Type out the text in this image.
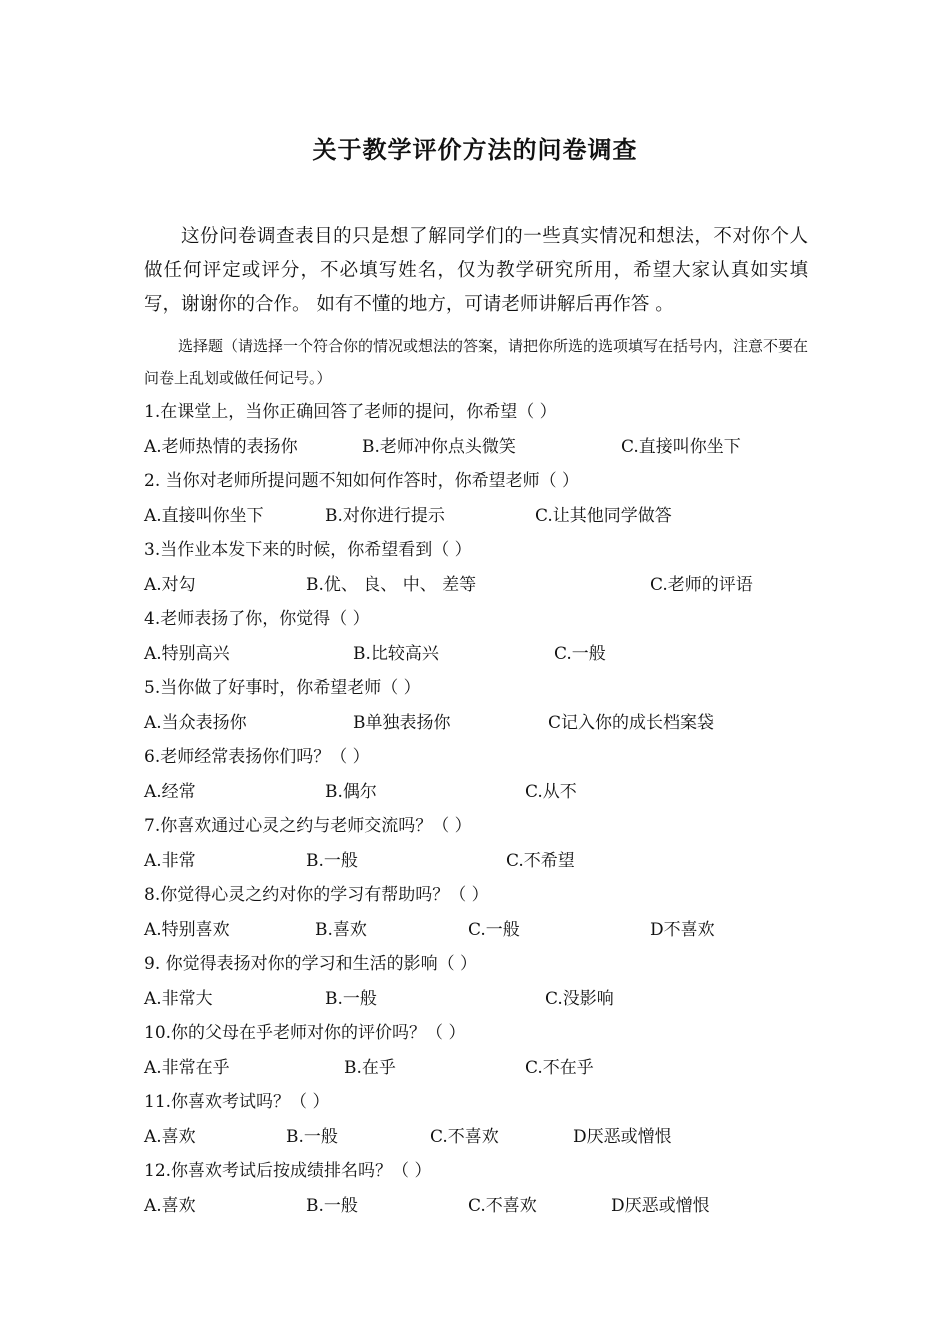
关于教学评价方法的问卷调查

这份问卷调查表目的只是想了解同学们的一些真实情况和想法，不对你个人做任何评定或评分，不必填写姓名，仅为教学研究所用，希望大家认真如实填写，谢谢你的合作。 如有不懂的地方，可请老师讲解后再作答 。

选择题（请选择一个符合你的情况或想法的答案，请把你所选的选项填写在括号内，注意不要在问卷上乱划或做任何记号。）

1.在课堂上，当你正确回答了老师的提问，你希望（ ）
A.老师热情的表扬你	B.老师冲你点头微笑	C.直接叫你坐下
2. 当你对老师所提问题不知如何作答时，你希望老师（ ）
A.直接叫你坐下	B.对你进行提示	C.让其他同学做答
3.当作业本发下来的时候，你希望看到（ ）
A.对勾	B.优、 良、 中、 差等	C.老师的评语
4.老师表扬了你，你觉得（ ）
A.特别高兴	B.比较高兴	C.一般
5.当你做了好事时，你希望老师（ ）
A.当众表扬你	B单独表扬你	C记入你的成长档案袋
6.老师经常表扬你们吗？（ ）
A.经常	B.偶尔	C.从不
7.你喜欢通过心灵之约与老师交流吗？（ ）
A.非常	B.一般	C.不希望
8.你觉得心灵之约对你的学习有帮助吗？（ ）
A.特别喜欢	B.喜欢	C.一般	D不喜欢
9. 你觉得表扬对你的学习和生活的影响（ ）
A.非常大	B.一般	C.没影响
10.你的父母在乎老师对你的评价吗？（ ）
A.非常在乎	B.在乎	C.不在乎
11.你喜欢考试吗？（ ）
A.喜欢	B.一般	C.不喜欢	D厌恶或憎恨
12.你喜欢考试后按成绩排名吗？（ ）
A.喜欢	B.一般	C.不喜欢	D厌恶或憎恨
